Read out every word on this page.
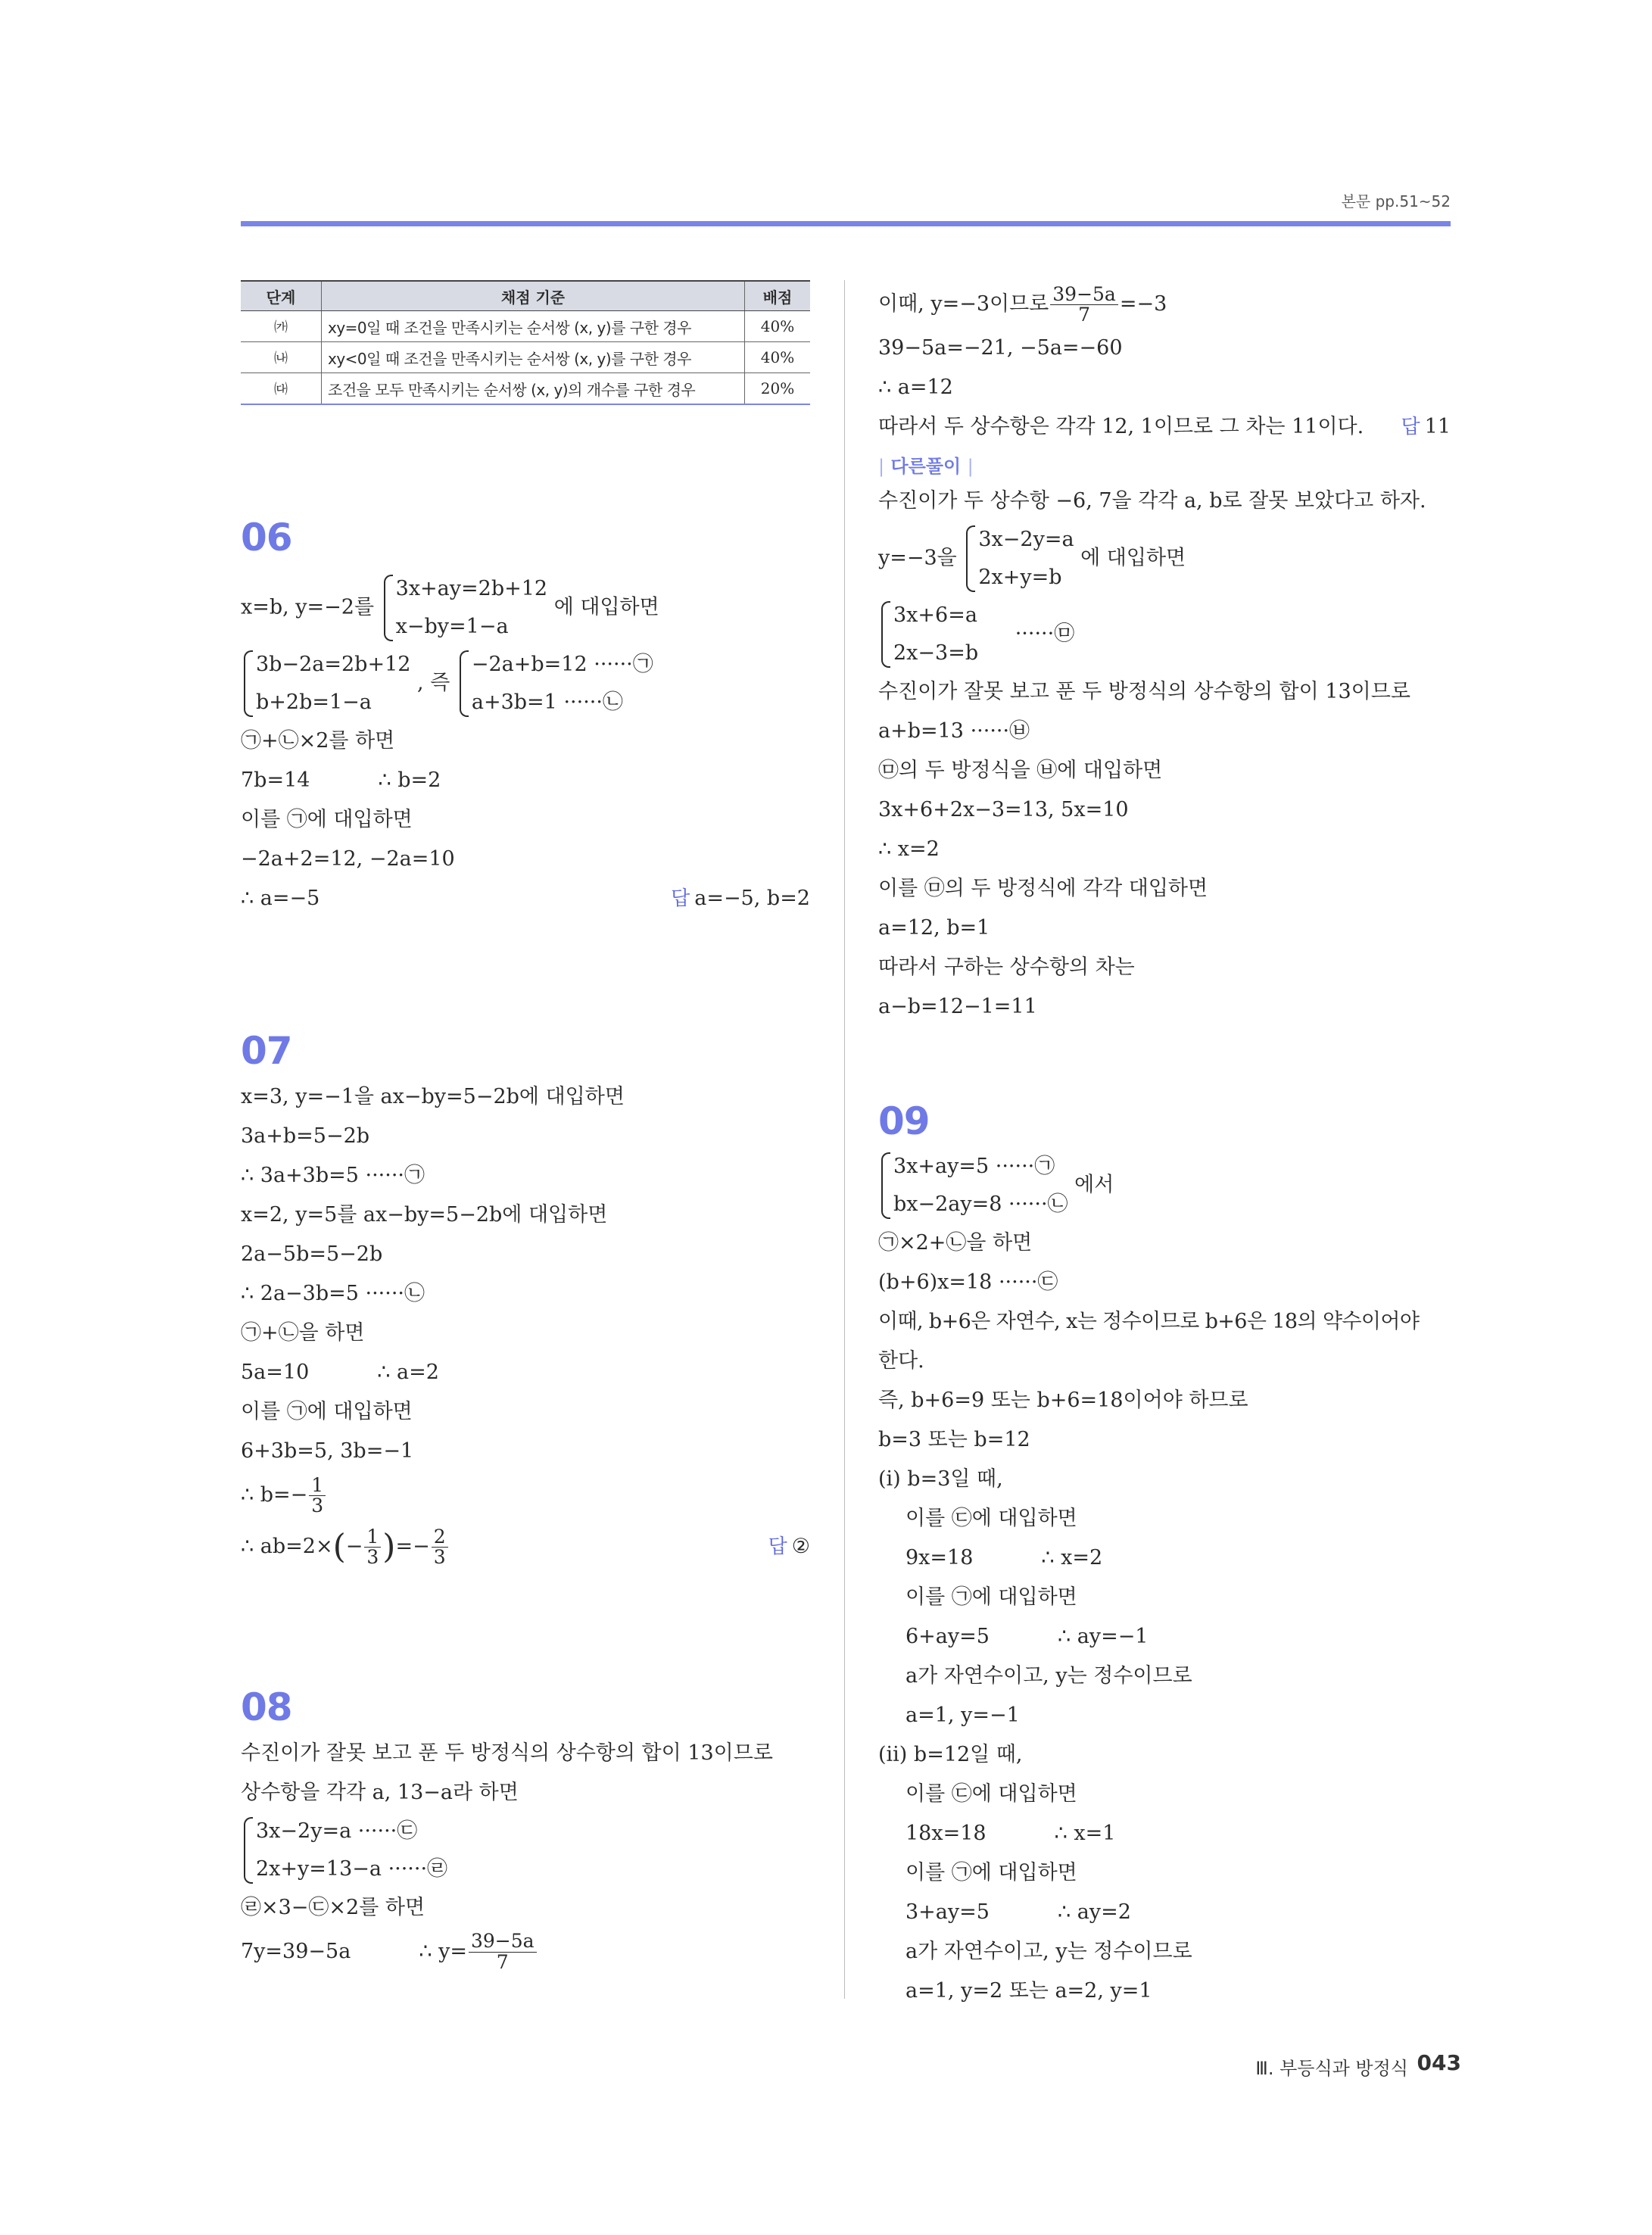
본문 pp.51~52
단계	채점 기준	배점
㈎	xy=0일 때 조건을 만족시키는 순서쌍 (x, y)를 구한 경우	40%
㈏	xy<0일 때 조건을 만족시키는 순서쌍 (x, y)를 구한 경우	40%
㈐	조건을 모두 만족시키는 순서쌍 (x, y)의 개수를 구한 경우	20%
06
x=b, y=−2를
3x+ay=2b+12
x−by=1−a
에 대입하면
3b−2a=2b+12
b+2b=1−a
, 즉
−2a+b=12 ······㉠
a+3b=1 ······㉡
㉠+㉡×2를 하면
7b=14	∴ b=2
이를 ㉠에 대입하면
−2a+2=12, −2a=10
∴ a=−5	답 a=−5, b=2
07
x=3, y=−1을 ax−by=5−2b에 대입하면
3a+b=5−2b
∴ 3a+3b=5 ······㉠
x=2, y=5를 ax−by=5−2b에 대입하면
2a−5b=5−2b
∴ 2a−3b=5 ······㉡
㉠+㉡을 하면
5a=10	∴ a=2
이를 ㉠에 대입하면
6+3b=5, 3b=−1
∴ $b=- \frac{1}{3}$
∴ $ab=2\times(- \frac{1}{3}$ )=− $\frac{2}{3}$	답 ②
08
수진이가 잘못 보고 푼 두 방정식의 상수항의 합이 13이므로
상수항을 각각 a, 13−a라 하면
3x−2y=a ······㉢
2x+y=13−a ······㉣
㉣×3−㉢×2를 하면
7y=39−5a	∴ $y= \frac{39-5a}{7}$
이때, y=−3이므로 $\frac{39-5a}{7} =-3$
39−5a=−21, −5a=−60
∴ a=12
따라서 두 상수항은 각각 12, 1이므로 그 차는 11이다. 답 11
| 다른풀이 |
수진이가 두 상수항 −6, 7을 각각 a, b로 잘못 보았다고 하자.
y=−3을
3x−2y=a
2x+y=b
에 대입하면
3x+6=a
2x−3=b
······㉤
수진이가 잘못 보고 푼 두 방정식의 상수항의 합이 13이므로
a+b=13 ······㉥
㉤의 두 방정식을 ㉥에 대입하면
3x+6+2x−3=13, 5x=10
∴ x=2
이를 ㉤의 두 방정식에 각각 대입하면
a=12, b=1
따라서 구하는 상수항의 차는
a−b=12−1=11
09
3x+ay=5 ······㉠
bx−2ay=8 ······㉡
에서
㉠×2+㉡을 하면
(b+6)x=18 ······㉢
이때, b+6은 자연수, x는 정수이므로 b+6은 18의 약수이어야
한다.
즉, b+6=9 또는 b+6=18이어야 하므로
b=3 또는 b=12
(ⅰ) b=3일 때,
이를 ㉢에 대입하면
9x=18	∴ x=2
이를 ㉠에 대입하면
6+ay=5	∴ ay=−1
a가 자연수이고, y는 정수이므로
a=1, y=−1
(ⅱ) b=12일 때,
이를 ㉢에 대입하면
18x=18	∴ x=1
이를 ㉠에 대입하면
3+ay=5	∴ ay=2
a가 자연수이고, y는 정수이므로
a=1, y=2 또는 a=2, y=1
Ⅲ. 부등식과 방정식 043
